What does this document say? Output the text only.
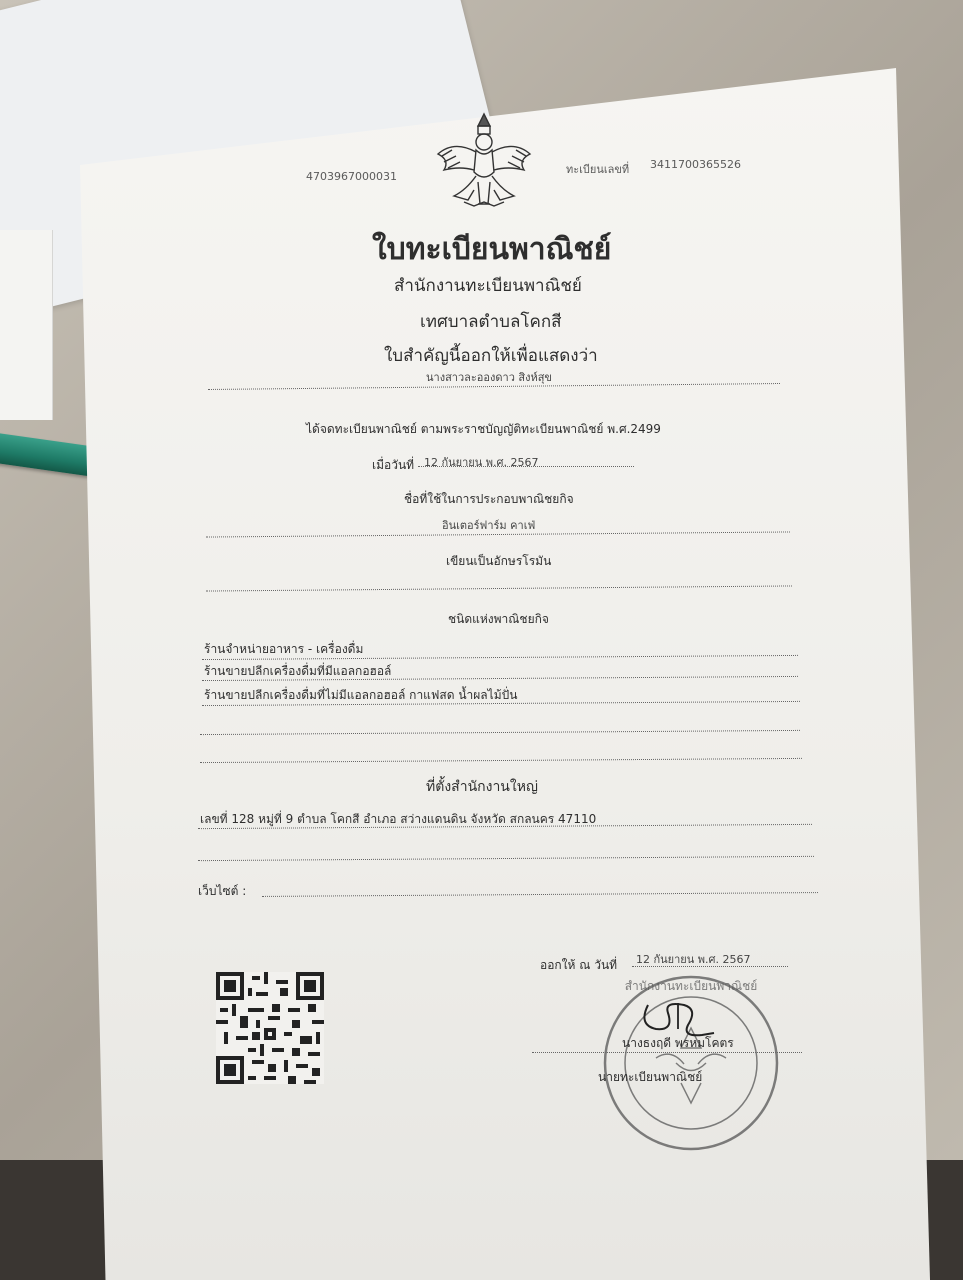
4703967000031
ทะเบียนเลขที่ 3411700365526
ใบทะเบียนพาณิชย์
สำนักงานทะเบียนพาณิชย์
เทศบาลตำบลโคกสี
ใบสำคัญนี้ออกให้เพื่อแสดงว่า
นางสาวละอองดาว สิงห์สุข
ได้จดทะเบียนพาณิชย์ ตามพระราชบัญญัติทะเบียนพาณิชย์ พ.ศ.2499
เมื่อวันที่ 12 กันยายน พ.ศ. 2567
ชื่อที่ใช้ในการประกอบพาณิชยกิจ
อินเตอร์ฟาร์ม คาเฟ่
เขียนเป็นอักษรโรมัน
ชนิดแห่งพาณิชยกิจ
ร้านจำหน่ายอาหาร - เครื่องดื่ม
ร้านขายปลีกเครื่องดื่มที่มีแอลกอฮอล์
ร้านขายปลีกเครื่องดื่มที่ไม่มีแอลกอฮอล์ กาแฟสด น้ำผลไม้ปั่น
ที่ตั้งสำนักงานใหญ่
เลขที่ 128 หมู่ที่ 9 ตำบล โคกสี อำเภอ สว่างแดนดิน จังหวัด สกลนคร 47110
เว็บไซต์ :
ออกให้ ณ วันที่ 12 กันยายน พ.ศ. 2567
สำนักงานทะเบียนพาณิชย์
นางธงฤดี พรหมโคตร
นายทะเบียนพาณิชย์
